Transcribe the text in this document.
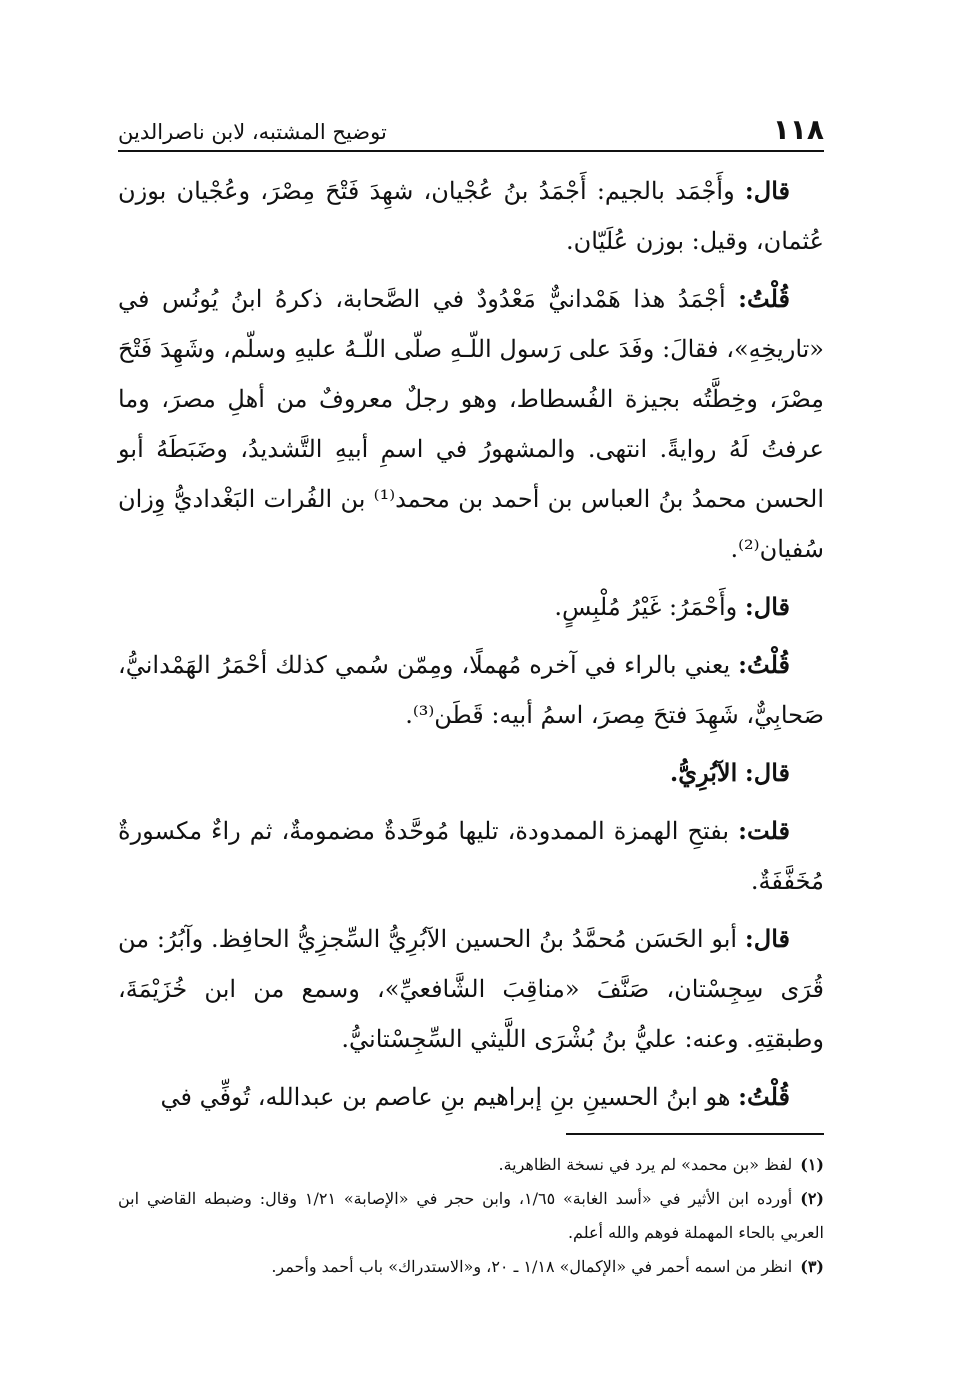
١١٨
توضيح المشتبه، لابن ناصرالدين

قال: وأَجْمَد بالجيم: أَجْمَدُ بنُ عُجْيان، شهِدَ فَتْحَ مِصْرَ، وعُجْيان بوزن عُثمان، وقيل: بوزن عُلَيّان.

قُلْتُ: أجْمَدُ هذا هَمْدانيٌّ مَعْدُودٌ في الصَّحابة، ذكرهُ ابنُ يُونُس في «تاريخِهِ»، فقالَ: وفَدَ على رَسول اللّـهِ صلّى اللّـهُ عليهِ وسلّم، وشَهِدَ فَتْحَ مِصْرَ، وخِطَّتُه بجيزة الفُسطاط، وهو رجلٌ معروفٌ من أهلِ مصرَ، وما عرفتُ لَهُ روايةً. انتهى. والمشهورُ في اسمِ أبيهِ التَّشديدُ، وضَبَطَهُ أبو الحسن محمدُ بنُ العباس بن أحمد بن محمد⁽¹⁾ بن الفُرات البَغْداديُّ وِزان سُفيان⁽²⁾.

قال: وأَحْمَرُ: غَيْرُ مُلْبِسٍ.

قُلْتُ: يعني بالراء في آخره مُهملًا، ومِمّن سُمي كذلك أحْمَرُ الهَمْدانيُّ، صَحابِيٌّ، شَهِدَ فتحَ مِصرَ، اسمُ أبيه: قَطَن⁽³⁾.

قال: الآبُرِيُّ.

قلت: بفتحِ الهمزة الممدودة، تليها مُوحَّدةٌ مضمومةٌ، ثم راءٌ مكسورةٌ مُخَفَّفَةٌ.

قال: أبو الحَسَن مُحمَّدُ بنُ الحسين الآبُرِيُّ السِّجزِيُّ الحافِظ. وآبُرُ: من قُرَى سِجِسْتان، صَنَّفَ «مناقِبَ الشَّافعيِّ»، وسمع من ابن خُزَيْمَةَ، وطبقتِهِ. وعنه: عليُّ بنُ بُشْرَى اللَّيثي السِّجِسْتانيُّ.

قُلْتُ: هو ابنُ الحسينِ بنِ إبراهيم بنِ عاصم بن عبدالله، تُوفِّي في

(١)لفظ «بن محمد» لم يرد في نسخة الظاهرية.

(٢)أورده ابن الأثير في «أسد الغابة» ١/٦٥، وابن حجر في «الإصابة» ١/٢١ وقال: وضبطه القاضي ابن العربي بالحاء المهملة فوهم والله أعلم.

(٣)انظر من اسمه أحمر في «الإكمال» ١/١٨ ـ ٢٠، و«الاستدراك» باب أحمد وأحمر.
